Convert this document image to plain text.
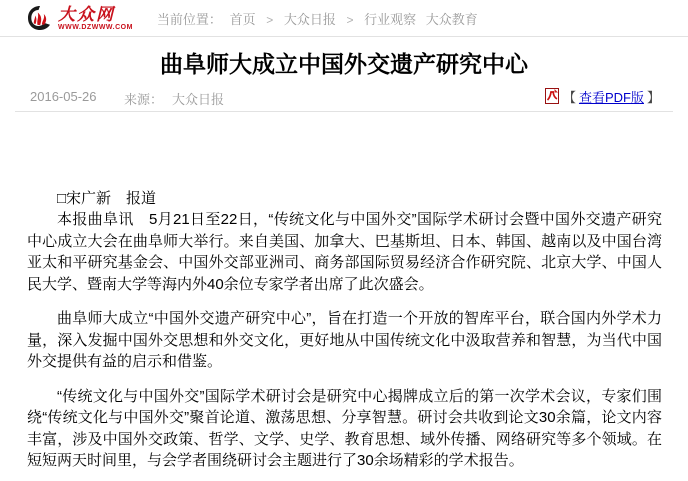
大众网
WWW.DZWWW.COM
当前位置： 首页 > 大众日报 > 行业观察 大众教育
曲阜师大成立中国外交遗产研究中心
2016-05-26 来源： 大众日报	【 查看PDF版 】

□宋广新　报道

本报曲阜讯　5月21日至22日，“传统文化与中国外交”国际学术研讨会暨中国外交遗产研究中心成立大会在曲阜师大举行。来自美国、加拿大、巴基斯坦、日本、韩国、越南以及中国台湾亚太和平研究基金会、中国外交部亚洲司、商务部国际贸易经济合作研究院、北京大学、中国人民大学、暨南大学等海内外40余位专家学者出席了此次盛会。

曲阜师大成立“中国外交遗产研究中心”，旨在打造一个开放的智库平台，联合国内外学术力量，深入发掘中国外交思想和外交文化，更好地从中国传统文化中汲取营养和智慧，为当代中国外交提供有益的启示和借鉴。

“传统文化与中国外交”国际学术研讨会是研究中心揭牌成立后的第一次学术会议，专家们围绕“传统文化与中国外交”聚首论道、激荡思想、分享智慧。研讨会共收到论文30余篇，论文内容丰富，涉及中国外交政策、哲学、文学、史学、教育思想、域外传播、网络研究等多个领域。在短短两天时间里，与会学者围绕研讨会主题进行了30余场精彩的学术报告。
